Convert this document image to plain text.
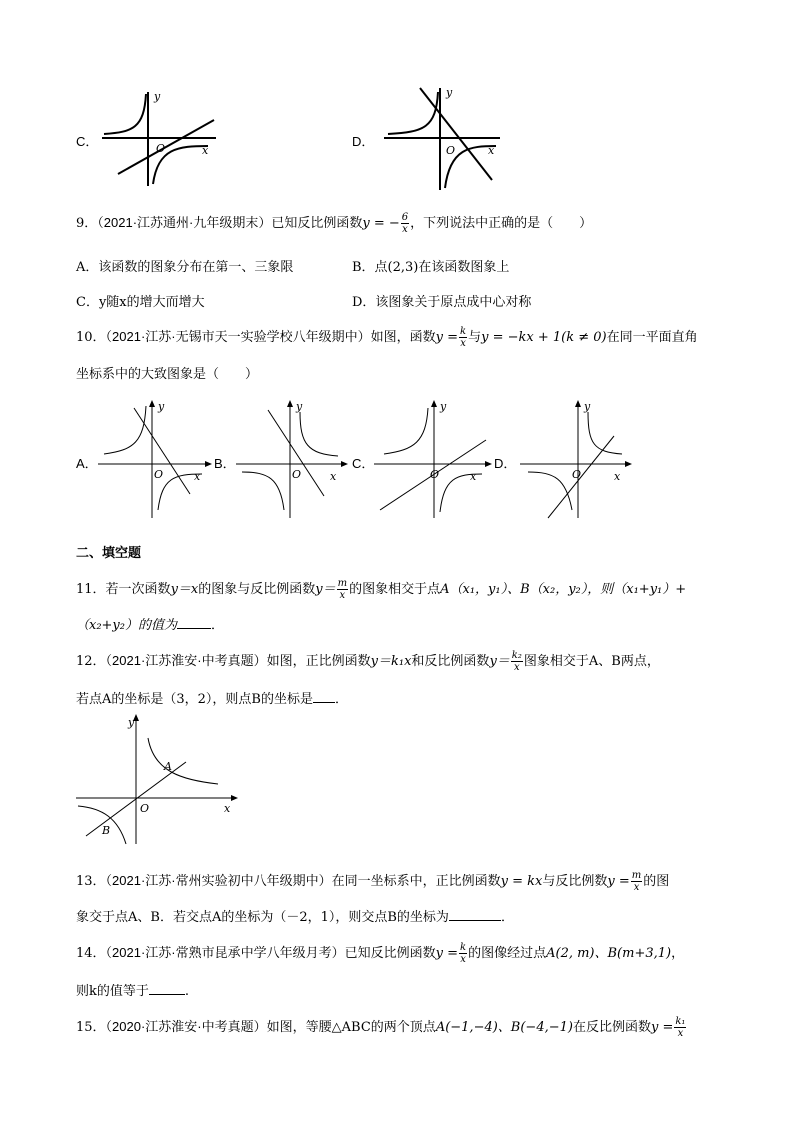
C．
y
x
O	D．
y
x
O
9．（2021·江苏通州·九年级期末）已知反比例函数y = − $\frac{6}{x}$ ，下列说法中正确的是（　　）
A．该函数的图象分布在第一、三象限	B．点(2,3)在该函数图象上
C．y随x的增大而增大	D．该图象关于原点成中心对称
10．（2021·江苏·无锡市天一实验学校八年级期中）如图，函数$y = \frac{k}{x}$ 与y = −kx + 1(k ≠ 0)在同一平面直角
坐标系中的大致图象是（　　）
A．
y
x
O
B．
y
x
O
C．
y
x
O
D．
y
x
O
二、填空题
11．若一次函数y＝x的图象与反比例函数$y= \frac{m}{x}$ 的图象相交于点A（x₁，y₁）、B（x₂，y₂），则（x₁+y₁）+
（x₂+y₂）的值为	．
12．（2021·江苏淮安·中考真题）如图，正比例函数y＝k₁x和反比例函数$y= \frac{\text{k₂}}{x}$ 图象相交于A、B两点，
若点A的坐标是（3，2），则点B的坐标是 ．
y
x
O
A
B
13．（2021·江苏·常州实验初中八年级期中）在同一坐标系中，正比例函数y = kx与反比例数$y = \frac{m}{x}$ 的图
象交于点A、B．若交点A的坐标为（－2，1），则交点B的坐标为	．
14．（2021·江苏·常熟市昆承中学八年级月考）已知反比例函数$y = \frac{k}{x}$ 的图像经过点A(2, m)、B(m+3,1)，
则k的值等于	.
15．（2020·江苏淮安·中考真题）如图，等腰△ABC的两个顶点A(−1,−4)、B(−4,−1)在反比例函数$y = \frac{\text{k₁}}{x}$
